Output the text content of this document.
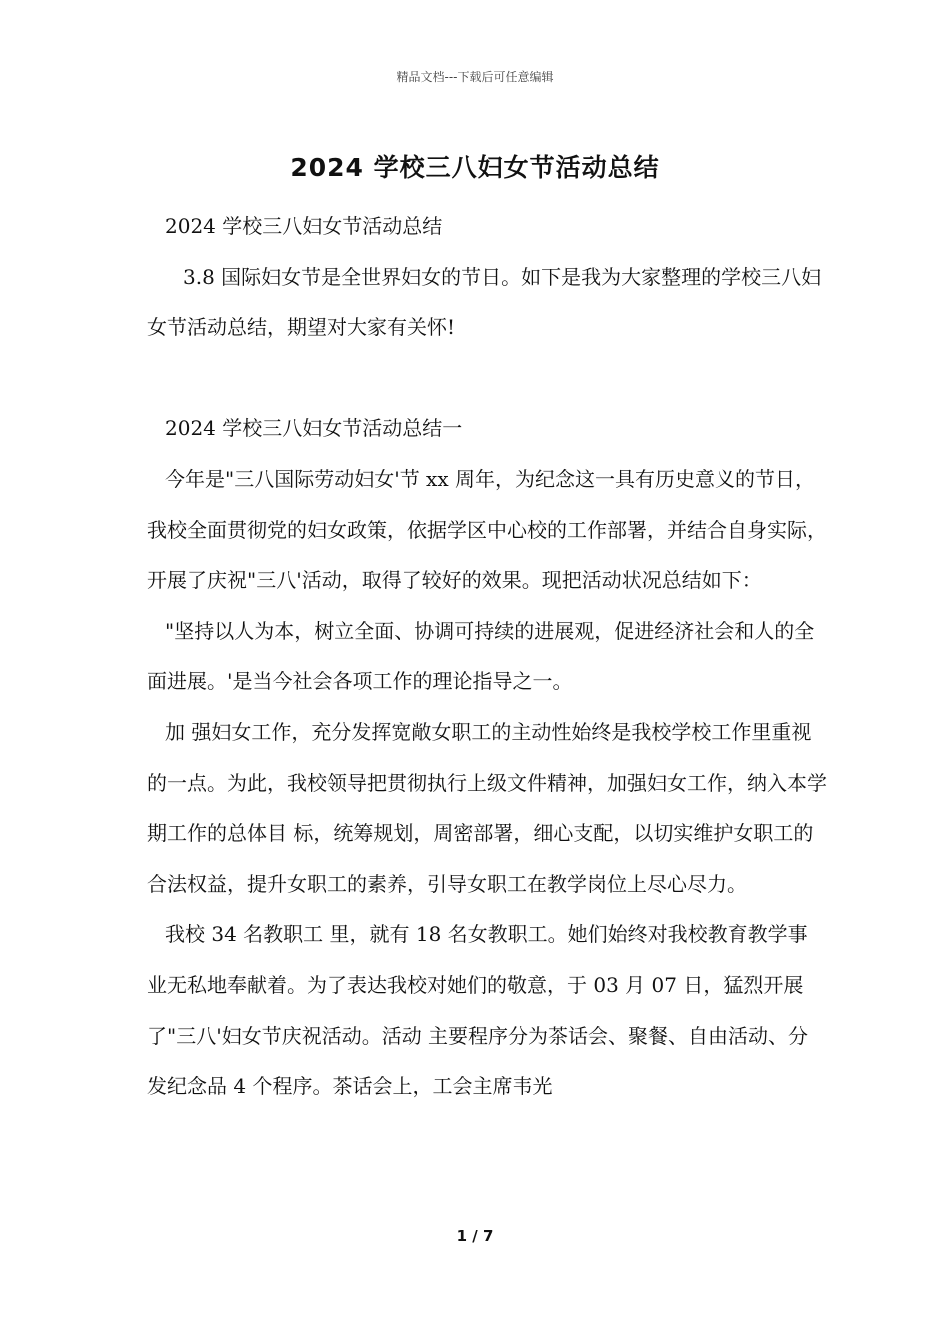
精品文档---下载后可任意编辑
2024 学校三八妇女节活动总结

2024 学校三八妇女节活动总结

3.8 国际妇女节是全世界妇女的节日。如下是我为大家整理的学校三八妇女节活动总结，期望对大家有关怀!

2024 学校三八妇女节活动总结一

今年是"三八国际劳动妇女'节 xx 周年，为纪念这一具有历史意义的节日，我校全面贯彻党的妇女政策，依据学区中心校的工作部署，并结合自身实际，开展了庆祝"三八'活动，取得了较好的效果。现把活动状况总结如下：

"坚持以人为本，树立全面、协调可持续的进展观，促进经济社会和人的全面进展。'是当今社会各项工作的理论指导之一。

加 强妇女工作，充分发挥宽敞女职工的主动性始终是我校学校工作里重视的一点。为此，我校领导把贯彻执行上级文件精神，加强妇女工作，纳入本学期工作的总体目 标，统筹规划，周密部署，细心支配，以切实维护女职工的合法权益，提升女职工的素养，引导女职工在教学岗位上尽心尽力。

我校 34 名教职工 里，就有 18 名女教职工。她们始终对我校教育教学事业无私地奉献着。为了表达我校对她们的敬意，于 03 月 07 日，猛烈开展了"三八'妇女节庆祝活动。活动 主要程序分为茶话会、聚餐、自由活动、分发纪念品 4 个程序。茶话会上，工会主席韦光

1 / 7
